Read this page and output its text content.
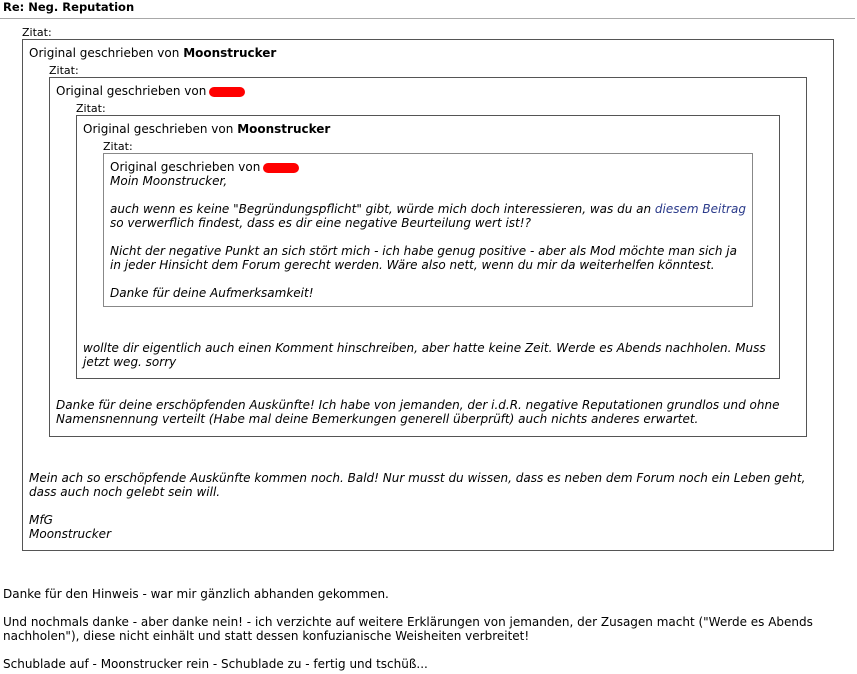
Re: Neg. Reputation

Zitat:

Original geschrieben von Moonstrucker

Zitat:

Original geschrieben von

Zitat:

Original geschrieben von Moonstrucker

Zitat:

Original geschrieben von

Moin Moonstrucker,

auch wenn es keine "Begründungspflicht" gibt, würde mich doch interessieren, was du an diesem Beitrag so verwerflich findest, dass es dir eine negative Beurteilung wert ist!?

Nicht der negative Punkt an sich stört mich - ich habe genug positive - aber als Mod möchte man sich ja in jeder Hinsicht dem Forum gerecht werden. Wäre also nett, wenn du mir da weiterhelfen könntest.

Danke für deine Aufmerksamkeit!

wollte dir eigentlich auch einen Komment hinschreiben, aber hatte keine Zeit. Werde es Abends nachholen. Muss jetzt weg. sorry

Danke für deine erschöpfenden Auskünfte! Ich habe von jemanden, der i.d.R. negative Reputationen grundlos und ohne Namensnennung verteilt (Habe mal deine Bemerkungen generell überprüft) auch nichts anderes erwartet.

Mein ach so erschöpfende Auskünfte kommen noch. Bald! Nur musst du wissen, dass es neben dem Forum noch ein Leben geht, dass auch noch gelebt sein will.

MfG

Moonstrucker

Danke für den Hinweis - war mir gänzlich abhanden gekommen.

Und nochmals danke - aber danke nein! - ich verzichte auf weitere Erklärungen von jemanden, der Zusagen macht ("Werde es Abends nachholen"), diese nicht einhält und statt dessen konfuzianische Weisheiten verbreitet!

Schublade auf - Moonstrucker rein - Schublade zu - fertig und tschüß...
